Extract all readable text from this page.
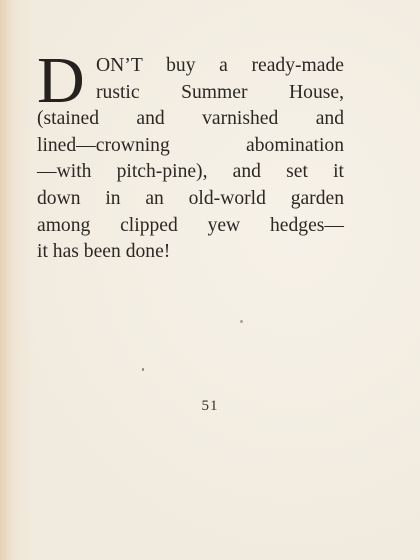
D ON’T buy a ready-made
rustic Summer House,
(stained and varnished and
lined—crowning abomination
—with pitch-pine), and set it
down in an old-world garden
among clipped yew hedges—
it has been done!
51
